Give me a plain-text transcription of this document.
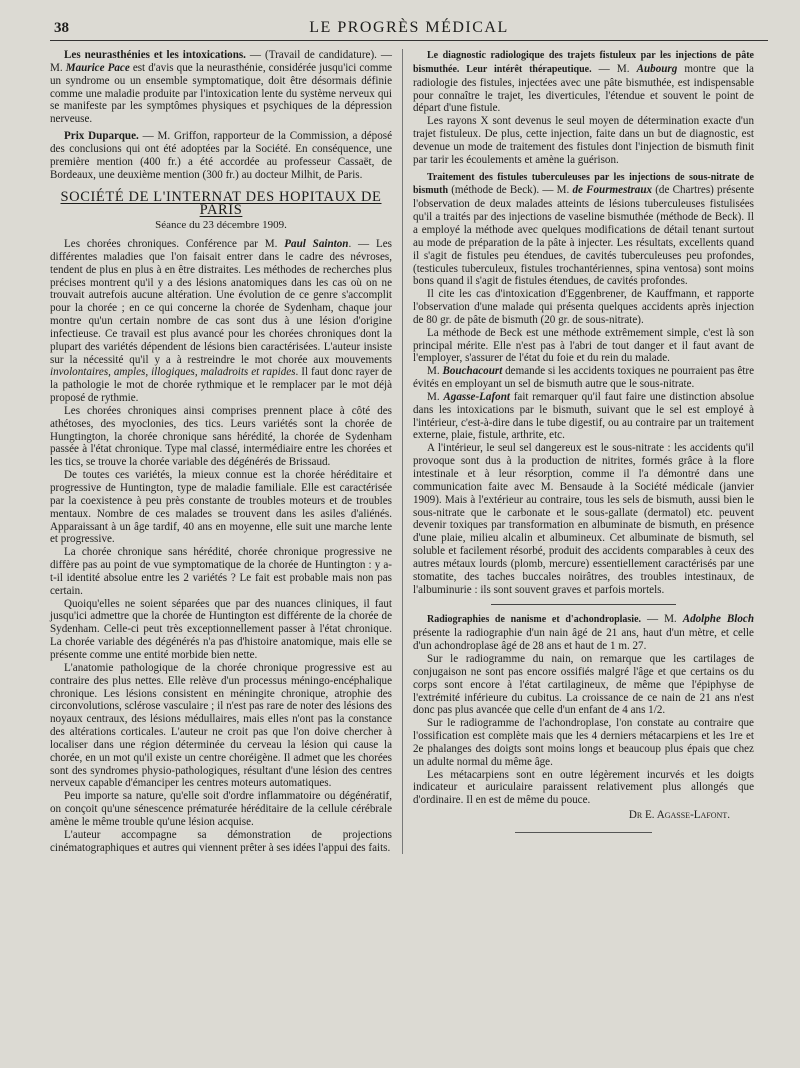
38	LE PROGRÈS MÉDICAL

Les neurasthénies et les intoxications. — (Travail de candidature). — M. Maurice Pace est d'avis que la neurasthénie, considérée jusqu'ici comme un syndrome ou un ensemble symptomatique, doit être désormais définie comme une maladie produite par l'intoxication lente du système nerveux qui se manifeste par les symptômes physiques et psychiques de la dépression nerveuse.

Prix Duparque. — M. Griffon, rapporteur de la Commission, a déposé des conclusions qui ont été adoptées par la Société. En conséquence, une première mention (400 fr.) a été accordée au professeur Cassaët, de Bordeaux, une deuxième mention (300 fr.) au docteur Milhit, de Paris.

SOCIÉTÉ DE L'INTERNAT DES HOPITAUX DE PARIS
Séance du 23 décembre 1909.

Les chorées chroniques. Conférence par M. Paul Sainton. — Les différentes maladies que l'on faisait entrer dans le cadre des névroses, tendent de plus en plus à en être distraites. Les méthodes de recherches plus précises montrent qu'il y a des lésions anatomiques dans les cas où on ne trouvait autrefois aucune altération. Une évolution de ce genre s'accomplit pour la chorée ; en ce qui concerne la chorée de Sydenham, chaque jour montre qu'un certain nombre de cas sont dus à une lésion d'origine infectieuse. Ce travail est plus avancé pour les chorées chroniques dont la plupart des variétés dépendent de lésions bien caractérisées. L'auteur insiste sur la nécessité qu'il y a à restreindre le mot chorée aux mouvements involontaires, amples, illogiques, maladroits et rapides. Il faut donc rayer de la pathologie le mot de chorée rythmique et le remplacer par le mot déjà proposé de rythmie.

Les chorées chroniques ainsi comprises prennent place à côté des athétoses, des myoclonies, des tics. Leurs variétés sont la chorée de Hungtington, la chorée chronique sans hérédité, la chorée de Sydenham passée à l'état chronique. Type mal classé, intermédiaire entre les chorées et les tics, se trouve la chorée variable des dégénérés de Brissaud.

De toutes ces variétés, la mieux connue est la chorée héréditaire et progressive de Huntington, type de maladie familiale. Elle est caractérisée par la coexistence à peu près constante de troubles moteurs et de troubles mentaux. Nombre de ces malades se trouvent dans les asiles d'aliénés. Apparaissant à un âge tardif, 40 ans en moyenne, elle suit une marche lente et progressive.

La chorée chronique sans hérédité, chorée chronique progressive ne diffère pas au point de vue symptomatique de la chorée de Huntington : y a-t-il identité absolue entre les 2 variétés ? Le fait est probable mais non pas certain.

Quoiqu'elles ne soient séparées que par des nuances cliniques, il faut jusqu'ici admettre que la chorée de Huntington est différente de la chorée de Sydenham. Celle-ci peut très exceptionnellement passer à l'état chronique. La chorée variable des dégénérés n'a pas d'histoire anatomique, mais elle se présente comme une entité morbide bien nette.

L'anatomie pathologique de la chorée chronique progressive est au contraire des plus nettes. Elle relève d'un processus méningo-encéphalique chronique. Les lésions consistent en méningite chronique, atrophie des circonvolutions, sclérose vasculaire ; il n'est pas rare de noter des lésions des noyaux centraux, des lésions médullaires, mais elles n'ont pas la constance des altérations corticales. L'auteur ne croit pas que l'on doive chercher à localiser dans une région déterminée du cerveau la lésion qui cause la chorée, en un mot qu'il existe un centre choréigène. Il admet que les chorées sont des syndromes physio-pathologiques, résultant d'une lésion des centres nerveux capable d'émanciper les centres moteurs automatiques.

Peu importe sa nature, qu'elle soit d'ordre inflammatoire ou dégénératif, on conçoit qu'une sénescence prématurée héréditaire de la cellule cérébrale amène le même trouble qu'une lésion acquise.

L'auteur accompagne sa démonstration de projections cinématographiques et autres qui viennent prêter à ses idées l'appui des faits.

Le diagnostic radiologique des trajets fistuleux par les injections de pâte bismuthée. Leur intérêt thérapeutique. — M. Aubourg montre que la radiologie des fistules, injectées avec une pâte bismuthée, est indispensable pour connaître le trajet, les diverticules, l'étendue et souvent le point de départ d'une fistule.

Les rayons X sont devenus le seul moyen de détermination exacte d'un trajet fistuleux. De plus, cette injection, faite dans un but de diagnostic, est devenue un mode de traitement des fistules dont l'injection de bismuth finit par tarir les écoulements et amène la guérison.

Traitement des fistules tuberculeuses par les injections de sous-nitrate de bismuth (méthode de Beck). — M. de Fourmestraux (de Chartres) présente l'observation de deux malades atteints de lésions tuberculeuses fistulisées qu'il a traités par des injections de vaseline bismuthée (méthode de Beck). Il a employé la méthode avec quelques modifications de détail tenant surtout au mode de préparation de la pâte à injecter. Les résultats, excellents quand il s'agit de fistules peu étendues, de cavités tuberculeuses peu profondes, (testicules tuberculeux, fistules trochantériennes, spina ventosa) sont moins bons quand il s'agit de fistules étendues, de cavités profondes.

Il cite les cas d'intoxication d'Eggenbrener, de Kauffmann, et rapporte l'observation d'une malade qui présenta quelques accidents après injection de 80 gr. de pâte de bismuth (20 gr. de sous-nitrate).

La méthode de Beck est une méthode extrêmement simple, c'est là son principal mérite. Elle n'est pas à l'abri de tout danger et il faut avant de l'employer, s'assurer de l'état du foie et du rein du malade.

M. Bouchacourt demande si les accidents toxiques ne pourraient pas être évités en employant un sel de bismuth autre que le sous-nitrate.

M. Agasse-Lafont fait remarquer qu'il faut faire une distinction absolue dans les intoxications par le bismuth, suivant que le sel est employé à l'intérieur, c'est-à-dire dans le tube digestif, ou au contraire par un traitement externe, plaie, fistule, arthrite, etc.

A l'intérieur, le seul sel dangereux est le sous-nitrate : les accidents qu'il provoque sont dus à la production de nitrites, formés grâce à la flore intestinale et à leur résorption, comme il l'a démontré dans une communication faite avec M. Bensaude à la Société médicale (janvier 1909). Mais à l'extérieur au contraire, tous les sels de bismuth, aussi bien le sous-nitrate que le carbonate et le sous-gallate (dermatol) etc. peuvent devenir toxiques par transformation en albuminate de bismuth, en présence d'une plaie, milieu alcalin et albumineux. Cet albuminate de bismuth, sel soluble et facilement résorbé, produit des accidents comparables à ceux des autres métaux lourds (plomb, mercure) essentiellement caractérisés par une stomatite, des taches buccales noirâtres, des troubles intestinaux, de l'albuminurie : ils sont souvent graves et parfois mortels.

Radiographies de nanisme et d'achondroplasie. — M. Adolphe Bloch présente la radiographie d'un nain âgé de 21 ans, haut d'un mètre, et celle d'un achondroplase âgé de 28 ans et haut de 1 m. 27.

Sur le radiogramme du nain, on remarque que les cartilages de conjugaison ne sont pas encore ossifiés malgré l'âge et que certains os du corps sont encore à l'état cartilagineux, de même que l'épiphyse de l'extrémité inférieure du cubitus. La croissance de ce nain de 21 ans n'est donc pas plus avancée que celle d'un enfant de 4 ans 1/2.

Sur le radiogramme de l'achondroplase, l'on constate au contraire que l'ossification est complète mais que les 4 derniers métacarpiens et les 1re et 2e phalanges des doigts sont moins longs et beaucoup plus épais que chez un adulte normal du même âge.

Les métacarpiens sont en outre légèrement incurvés et les doigts indicateur et auriculaire paraissent relativement plus allongés que d'ordinaire. Il en est de même du pouce.

Dr E. Agasse-Lafont.
